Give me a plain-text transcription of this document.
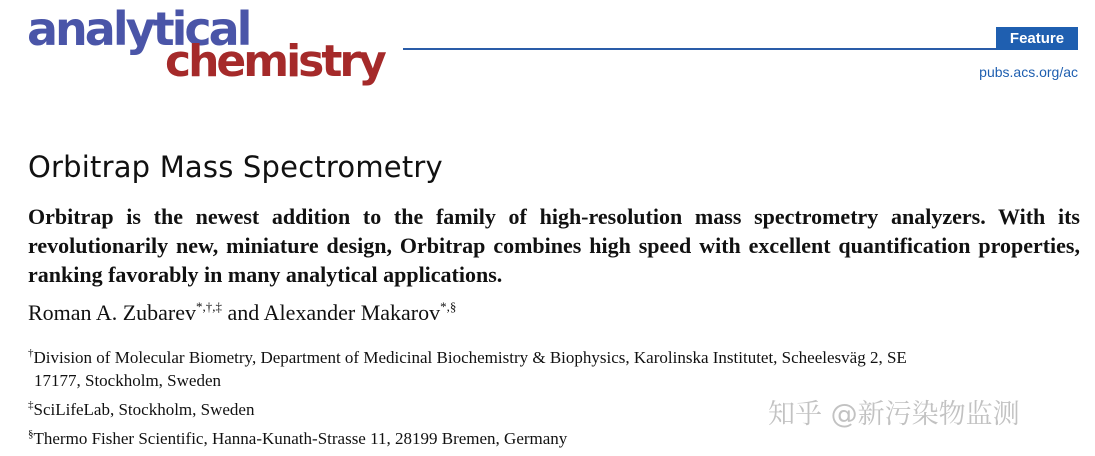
analytical
chemistry	Feature
pubs.acs.org/ac
Orbitrap Mass Spectrometry

Orbitrap is the newest addition to the family of high-resolution mass spectrometry analyzers. With its revolutionarily new, miniature design, Orbitrap combines high speed with excellent quantification properties, ranking favorably in many analytical applications.

Roman A. Zubarev*,†,‡ and Alexander Makarov*,§
†Division of Molecular Biometry, Department of Medicinal Biochemistry & Biophysics, Karolinska Institutet, Scheelesväg 2, SE
17177, Stockholm, Sweden
‡SciLifeLab, Stockholm, Sweden
§Thermo Fisher Scientific, Hanna-Kunath-Strasse 11, 28199 Bremen, Germany
知乎 @新污染物监测
